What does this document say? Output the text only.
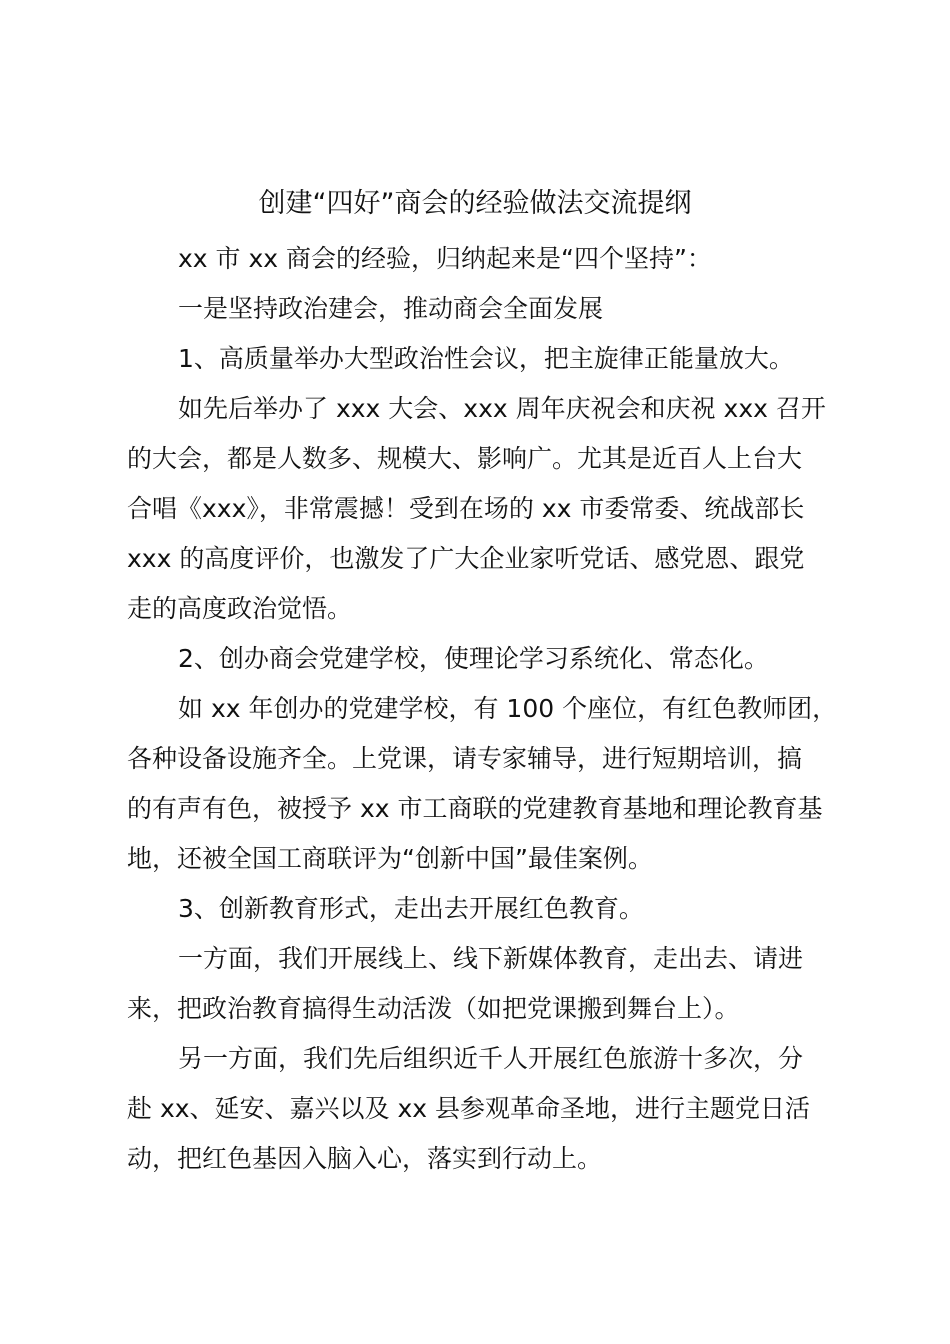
创建“四好”商会的经验做法交流提纲

xx 市 xx 商会的经验，归纳起来是“四个坚持”：

一是坚持政治建会，推动商会全面发展

1、高质量举办大型政治性会议，把主旋律正能量放大。

如先后举办了 xxx 大会、xxx 周年庆祝会和庆祝 xxx 召开

的大会，都是人数多、规模大、影响广。尤其是近百人上台大

合唱《xxx》，非常震撼！受到在场的 xx 市委常委、统战部长

xxx 的高度评价，也激发了广大企业家听党话、感党恩、跟党

走的高度政治觉悟。

2、创办商会党建学校，使理论学习系统化、常态化。

如 xx 年创办的党建学校，有 100 个座位，有红色教师团，

各种设备设施齐全。上党课，请专家辅导，进行短期培训，搞

的有声有色，被授予 xx 市工商联的党建教育基地和理论教育基

地，还被全国工商联评为“创新中国”最佳案例。

3、创新教育形式，走出去开展红色教育。

一方面，我们开展线上、线下新媒体教育，走出去、请进

来，把政治教育搞得生动活泼（如把党课搬到舞台上）。

另一方面，我们先后组织近千人开展红色旅游十多次，分

赴 xx、延安、嘉兴以及 xx 县参观革命圣地，进行主题党日活

动，把红色基因入脑入心，落实到行动上。
